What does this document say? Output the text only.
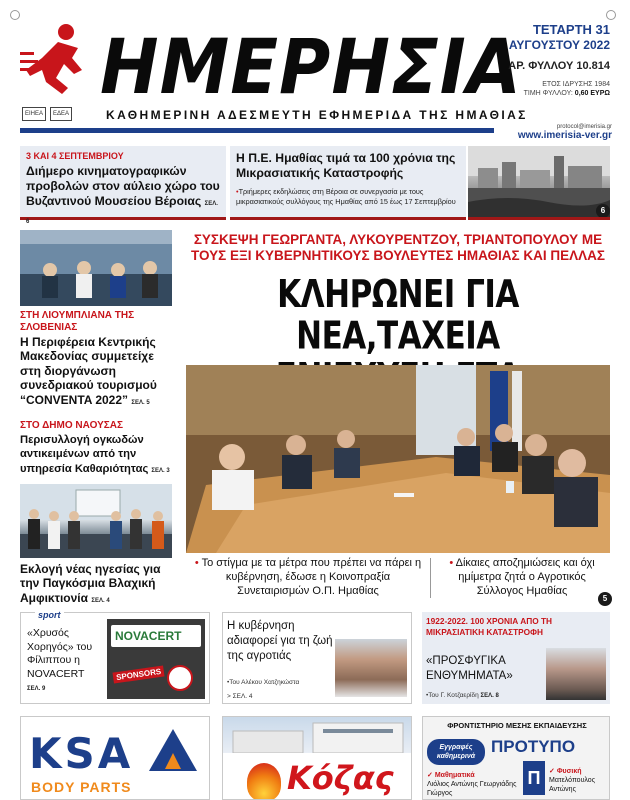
ΗΜΕΡΗΣΙΑ ΤΕΤΑΡΤΗ 31
ΑΥΓΟΥΣΤΟΥ 2022
ΑΡ. ΦΥΛΛΟΥ 10.814
ΕΤΟΣ ΙΔΡΥΣΗΣ 1984
ΤΙΜΗ ΦΥΛΛΟΥ: 0,60 ΕΥΡΩ
ΕΙΗΕΑ	ΕΔΕΑ	ΚΑΘΗΜΕΡΙΝΗ ΑΔΕΣΜΕΥΤΗ ΕΦΗΜΕΡΙΔΑ ΤΗΣ ΗΜΑΘΙΑΣ
protocol@imerisia.gr
www.imerisia-ver.gr
3 ΚΑΙ 4 ΣΕΠΤΕΜΒΡΙΟΥ
Διήμερο κινηματογραφικών προβολών στον αύλειο χώρο του Βυζαντινού Μουσείου Βέροιας ΣΕΛ. 6
Η Π.Ε. Ημαθίας τιμά τα 100 χρόνια της Μικρασιατικής Καταστροφής
•Τριήμερες εκδηλώσεις στη Βέροια σε συνεργασία με τους μικρασιατικούς συλλόγους της Ημαθίας από 15 έως 17 Σεπτεμβρίου
6
ΣΤΗ ΛΙΟΥΜΠΛΙΑΝΑ ΤΗΣ ΣΛΟΒΕΝΙΑΣ
Η Περιφέρεια Κεντρικής Μακεδονίας συμμετείχε στη διοργάνωση συνεδριακού τουρισμού “CONVENTA 2022” ΣΕΛ. 5
ΣΤΟ ΔΗΜΟ ΝΑΟΥΣΑΣ
Περισυλλογή ογκωδών αντικειμένων από την υπηρεσία Καθαριότητας ΣΕΛ. 3
Εκλογή νέας ηγεσίας για την Παγκόσμια Βλαχική Αμφικτιονία ΣΕΛ. 4
ΣΥΣΚΕΨΗ ΓΕΩΡΓΑΝΤΑ, ΛΥΚΟΥΡΕΝΤΖΟΥ, ΤΡΙΑΝΤΟΠΟΥΛΟΥ ΜΕ ΤΟΥΣ ΕΞΙ ΚΥΒΕΡΝΗΤΙΚΟΥΣ ΒΟΥΛΕΥΤΕΣ ΗΜΑΘΙΑΣ ΚΑΙ ΠΕΛΛΑΣ
ΚΛΗΡΩΝΕΙ ΓΙΑ ΝΕΑ,ΤΑΧΕΙΑ
• Το στίγμα με τα μέτρα που πρέπει να πάρει η κυβέρνηση, έδωσε η Κοινοπραξία Συνεταιρισμών Ο.Π. Ημαθίας
• Δίκαιες αποζημιώσεις και όχι ημίμετρα ζητά ο Αγροτικός Σύλλογος Ημαθίας
5
sport
«Χρυσός Χορηγός» του Φίλιππου η NOVACERT
ΣΕΛ. 9
NOVACERT
SPONSORS
Η κυβέρνηση αδιαφορεί για τη ζωή της αγροτιάς
•Του Αλέκου Χατζηκώστα
> ΣΕΛ. 4
1922-2022. 100 ΧΡΟΝΙΑ ΑΠΟ ΤΗ ΜΙΚΡΑΣΙΑΤΙΚΗ ΚΑΤΑΣΤΡΟΦΗ
«ΠΡΟΣΦΥΓΙΚΑ ΕΝΘΥΜΗΜΑΤΑ»
•Του Γ. Κοτζαερίδη ΣΕΛ. 8
KSA
BODY PARTS	Κόζας
ΦΡΟΝΤΙΣΤΗΡΙΟ ΜΕΣΗΣ ΕΚΠΑΙΔΕΥΣΗΣ
Εγγραφές καθημερινά
ΠΡΟΤΥΠΟ
Π
✓ Μαθηματικά
Λιόλιος Αντώνης Γεωργιάδης Γιώργος
✓ Φυσική
Ματελόπουλος Αντώνης
